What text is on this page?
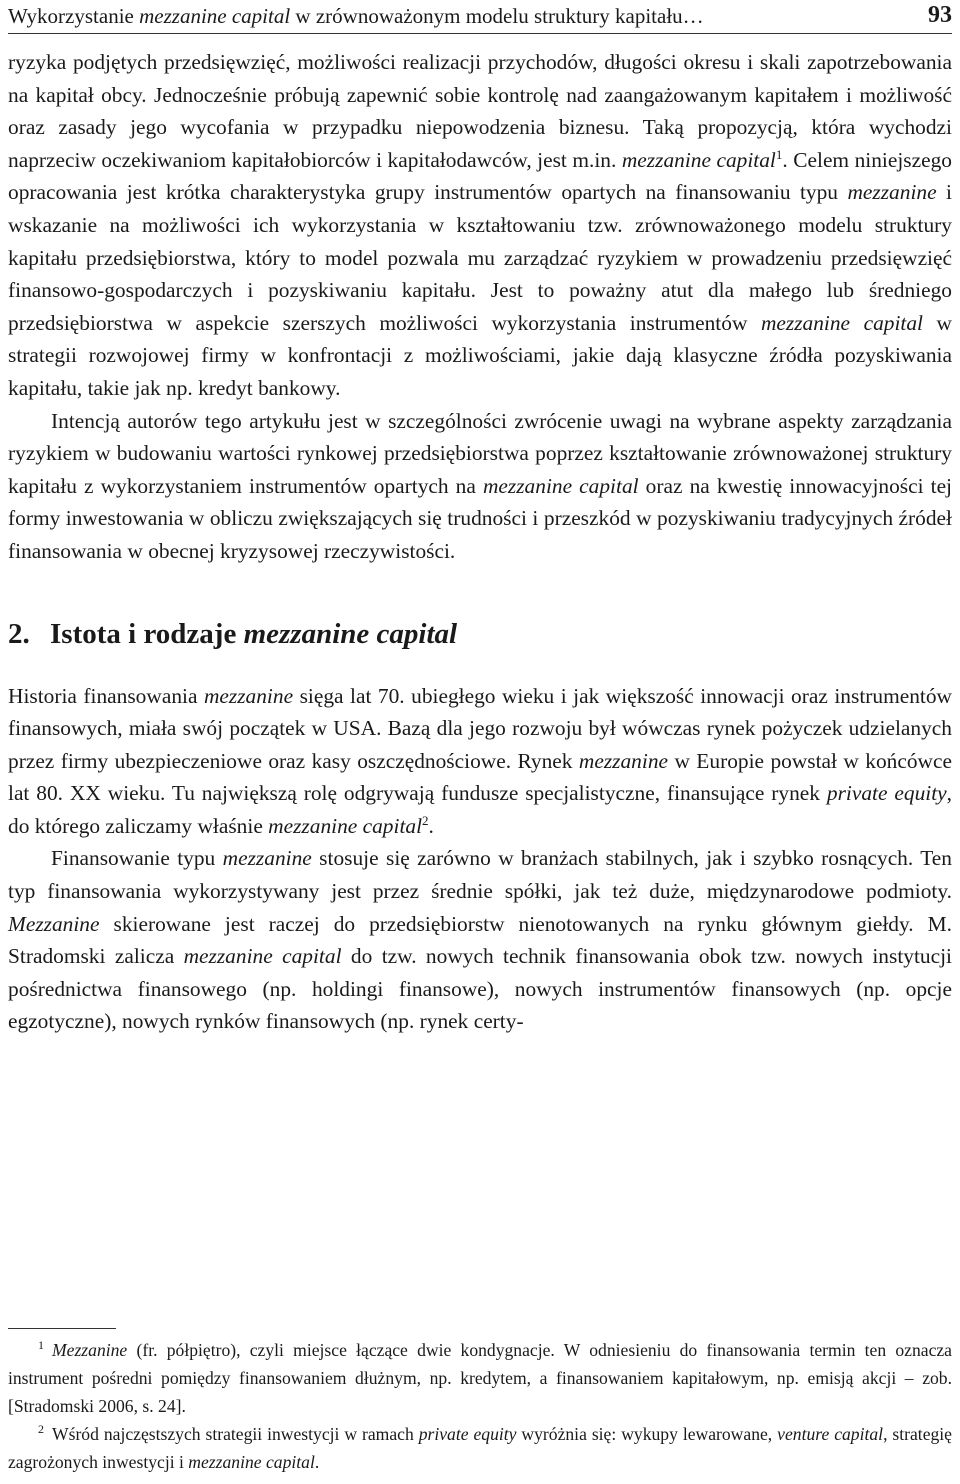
Wykorzystanie mezzanine capital w zrównoważonym modelu struktury kapitału…	93

ryzyka podjętych przedsięwzięć, możliwości realizacji przychodów, długości okresu i skali zapotrzebowania na kapitał obcy. Jednocześnie próbują zapewnić sobie kontrolę nad zaangażowanym kapitałem i możliwość oraz zasady jego wycofania w przypadku niepowodzenia biznesu. Taką propozycją, która wychodzi naprzeciw oczekiwaniom kapitałobiorców i kapitałodawców, jest m.in. mezzanine capital$^1$. Celem niniejszego opracowania jest krótka charakterystyka grupy instrumentów opartych na finansowaniu typu mezzanine i wskazanie na możliwości ich wykorzystania w kształtowaniu tzw. zrównoważonego modelu struktury kapitału przedsiębiorstwa, który to model pozwala mu zarządzać ryzykiem w prowadzeniu przedsięwzięć finansowo-gospodarczych i pozyskiwaniu kapitału. Jest to poważny atut dla małego lub średniego przedsiębiorstwa w aspekcie szerszych możliwości wykorzystania instrumentów mezzanine capital w strategii rozwojowej firmy w konfrontacji z możliwościami, jakie dają klasyczne źródła pozyskiwania kapitału, takie jak np. kredyt bankowy.

Intencją autorów tego artykułu jest w szczególności zwrócenie uwagi na wybrane aspekty zarządzania ryzykiem w budowaniu wartości rynkowej przedsiębiorstwa poprzez kształtowanie zrównoważonej struktury kapitału z wykorzystaniem instrumentów opartych na mezzanine capital oraz na kwestię innowacyjności tej formy inwestowania w obliczu zwiększających się trudności i przeszkód w pozyskiwaniu tradycyjnych źródeł finansowania w obecnej kryzysowej rzeczywistości.

2. Istota i rodzaje mezzanine capital

Historia finansowania mezzanine sięga lat 70. ubiegłego wieku i jak większość innowacji oraz instrumentów finansowych, miała swój początek w USA. Bazą dla jego rozwoju był wówczas rynek pożyczek udzielanych przez firmy ubezpieczeniowe oraz kasy oszczędnościowe. Rynek mezzanine w Europie powstał w końcówce lat 80. XX wieku. Tu największą rolę odgrywają fundusze specjalistyczne, finansujące rynek private equity, do którego zaliczamy właśnie mezzanine capital$^2$.

Finansowanie typu mezzanine stosuje się zarówno w branżach stabilnych, jak i szybko rosnących. Ten typ finansowania wykorzystywany jest przez średnie spółki, jak też duże, międzynarodowe podmioty. Mezzanine skierowane jest raczej do przedsiębiorstw nienotowanych na rynku głównym giełdy. M. Stradomski zalicza mezzanine capital do tzw. nowych technik finansowania obok tzw. nowych instytucji pośrednictwa finansowego (np. holdingi finansowe), nowych instrumentów finansowych (np. opcje egzotyczne), nowych rynków finansowych (np. rynek certy-

$^1$ Mezzanine (fr. półpiętro), czyli miejsce łączące dwie kondygnacje. W odniesieniu do finansowania termin ten oznacza instrument pośredni pomiędzy finansowaniem dłużnym, np. kredytem, a finansowaniem kapitałowym, np. emisją akcji – zob. [Stradomski 2006, s. 24].

$^2$ Wśród najczęstszych strategii inwestycji w ramach private equity wyróżnia się: wykupy lewarowane, venture capital, strategię zagrożonych inwestycji i mezzanine capital.
